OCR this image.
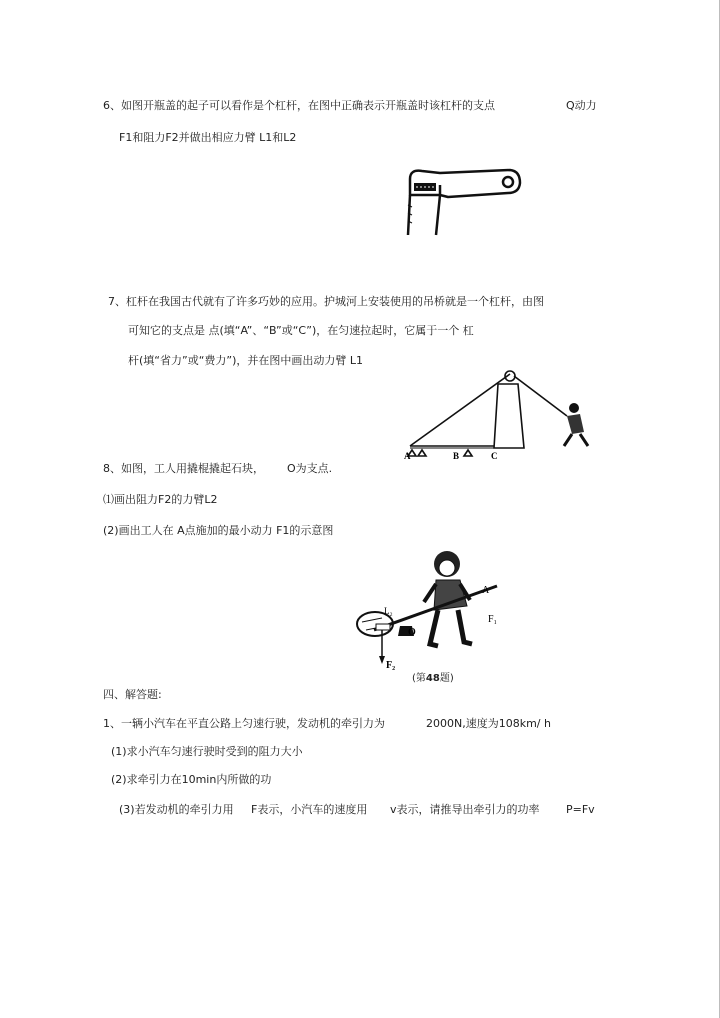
6、如图开瓶盖的起子可以看作是个杠杆，在图中正确表示开瓶盖时该杠杆的支点	Q动力
F1和阻力F2并做出相应力臂 L1和L2
7、杠杆在我国古代就有了许多巧妙的应用。护城河上安装使用的吊桥就是一个杠杆，由图
可知它的支点是 点(填“A”、“B”或“C”)，在匀速拉起时，它属于一个 杠
杆(填“省力”或“费力”)，并在图中画出动力臂 L1
A	B	C
8、如图，工人用撬棍撬起石块， O为支点.
⑴画出阻力F2的力臂L2
(2)画出工人在 A点施加的最小动力 F1的示意图
L₂
O
A
F₁
F₂
(第48题)
四、解答题:
1、一辆小汽车在平直公路上匀速行驶，发动机的牵引力为	2000N,速度为108km/ h
(1)求小汽车匀速行驶时受到的阻力大小
(2)求牵引力在10min内所做的功
(3)若发动机的牵引力用 F表示，小汽车的速度用 v表示，请推导出牵引力的功率 P=Fv
